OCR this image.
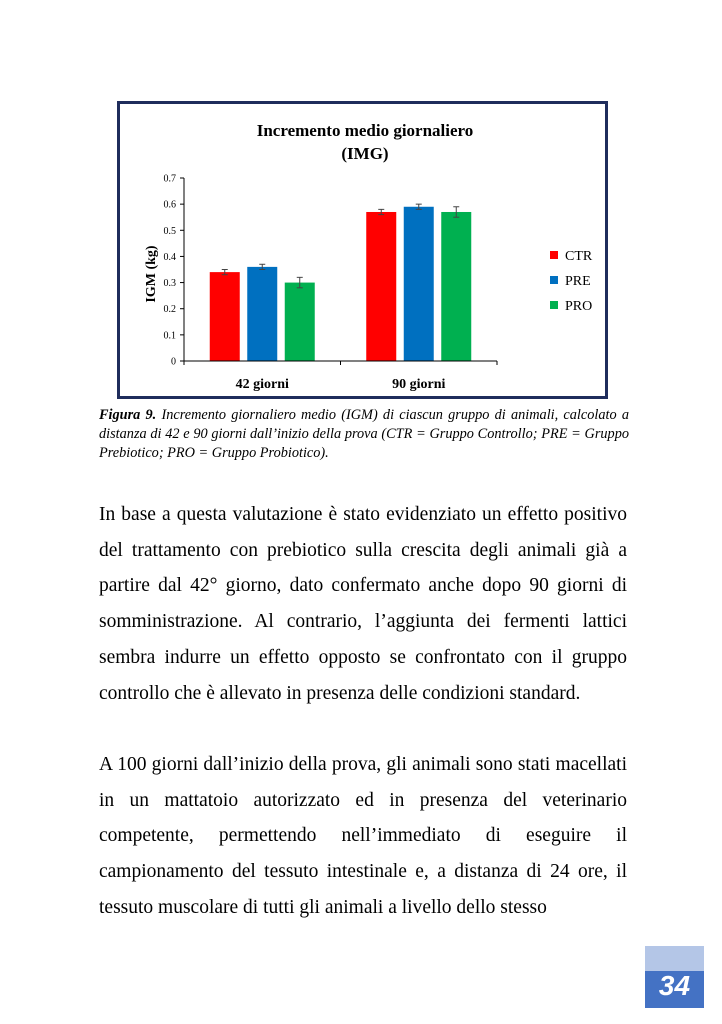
Incremento medio giornaliero
(IMG)
IGM (kg)
0
0.1
0.2
0.3
0.4
0.5
0.6
0.7
42 giorni	90 giorni
CTR
PRE
PRO
Figura 9. Incremento giornaliero medio (IGM) di ciascun gruppo di animali, calcolato a distanza di 42 e 90 giorni dall’inizio della prova (CTR = Gruppo Controllo; PRE = Gruppo Prebiotico; PRO = Gruppo Probiotico).

In base a questa valutazione è stato evidenziato un effetto positivo del trattamento con prebiotico sulla crescita degli animali già a partire dal 42° giorno, dato confermato anche dopo 90 giorni di somministrazione. Al contrario, l’aggiunta dei fermenti lattici sembra indurre un effetto opposto se confrontato con il gruppo controllo che è allevato in presenza delle condizioni standard.

A 100 giorni dall’inizio della prova, gli animali sono stati macellati in un mattatoio autorizzato ed in presenza del veterinario competente, permettendo nell’immediato di eseguire il campionamento del tessuto intestinale e, a distanza di 24 ore, il tessuto muscolare di tutti gli animali a livello dello stesso

34
